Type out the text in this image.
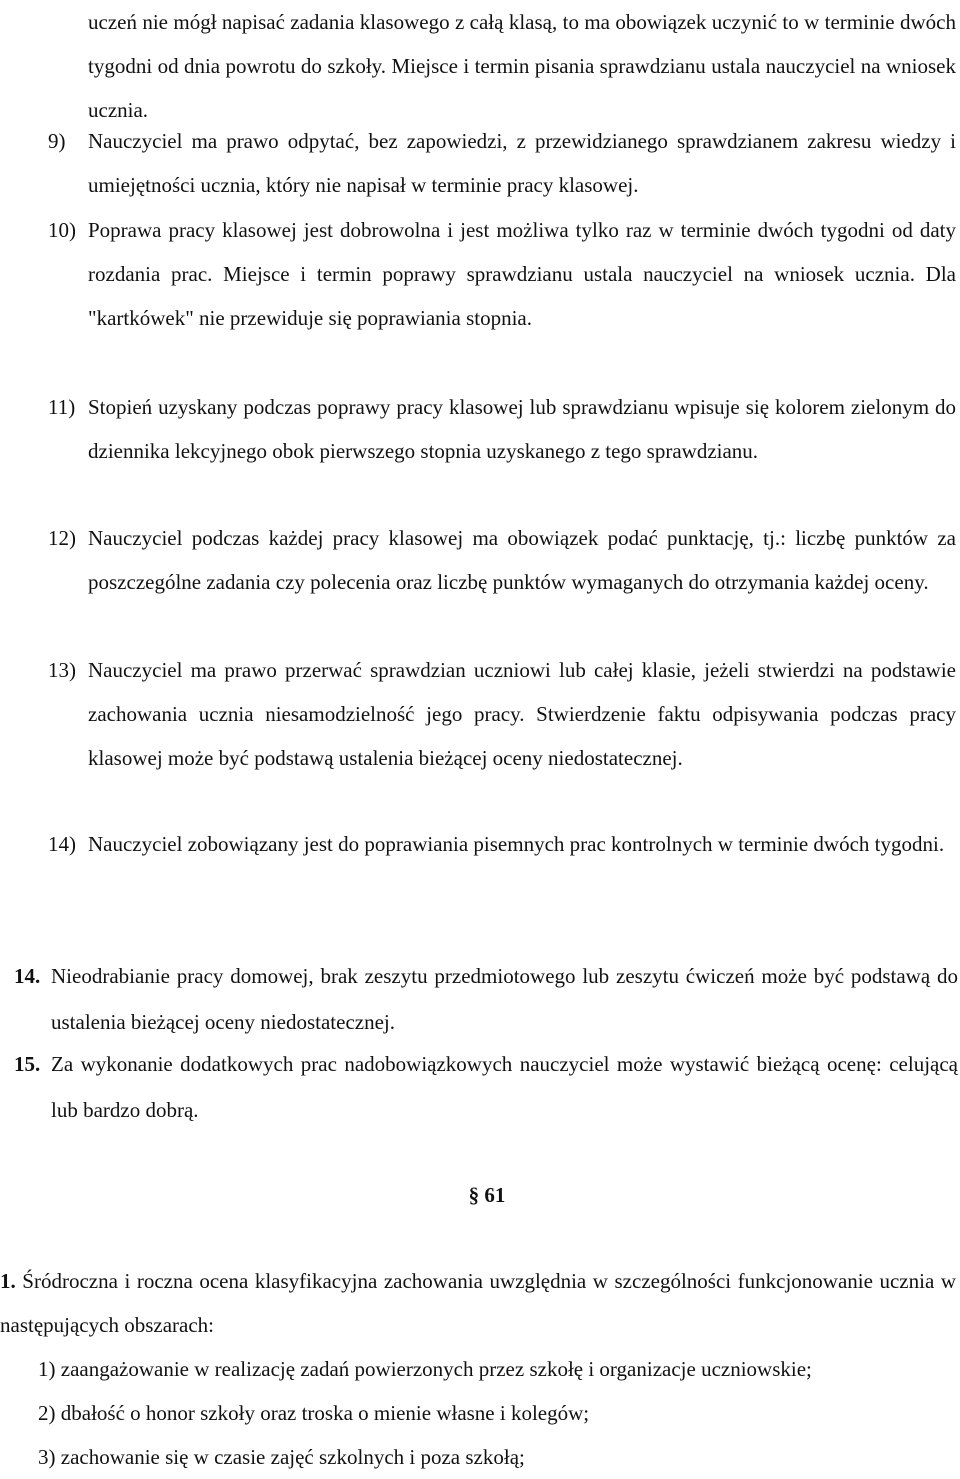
uczeń nie mógł napisać zadania klasowego z całą klasą, to ma obowiązek uczynić to w terminie dwóch tygodni od dnia powrotu do szkoły. Miejsce i termin pisania sprawdzianu ustala nauczyciel na wniosek ucznia.

9)	Nauczyciel ma prawo odpytać, bez zapowiedzi, z przewidzianego sprawdzianem zakresu wiedzy i umiejętności ucznia, który nie napisał w terminie pracy klasowej.
10) Poprawa pracy klasowej jest dobrowolna i jest możliwa tylko raz w terminie dwóch tygodni od daty rozdania prac. Miejsce i termin poprawy sprawdzianu ustala nauczyciel na wniosek ucznia. Dla "kartkówek" nie przewiduje się poprawiania stopnia.
11) Stopień uzyskany podczas poprawy pracy klasowej lub sprawdzianu wpisuje się kolorem zielonym do dziennika lekcyjnego obok pierwszego stopnia uzyskanego z tego sprawdzianu.
12) Nauczyciel podczas każdej pracy klasowej ma obowiązek podać punktację, tj.: liczbę punktów za poszczególne zadania czy polecenia oraz liczbę punktów wymaganych do otrzymania każdej oceny.
13) Nauczyciel ma prawo przerwać sprawdzian uczniowi lub całej klasie, jeżeli stwierdzi na podstawie zachowania ucznia niesamodzielność jego pracy. Stwierdzenie faktu odpisywania podczas pracy klasowej może być podstawą ustalenia bieżącej oceny niedostatecznej.
14) Nauczyciel zobowiązany jest do poprawiania pisemnych prac kontrolnych w terminie dwóch tygodni.
14. Nieodrabianie pracy domowej, brak zeszytu przedmiotowego lub zeszytu ćwiczeń może być podstawą do ustalenia bieżącej oceny niedostatecznej.
15. Za wykonanie dodatkowych prac nadobowiązkowych nauczyciel może wystawić bieżącą ocenę: celującą lub bardzo dobrą.
§ 61

1. Śródroczna i roczna ocena klasyfikacyjna zachowania uwzględnia w szczególności funkcjonowanie ucznia w następujących obszarach:

1) zaangażowanie w realizację zadań powierzonych przez szkołę i organizacje uczniowskie;
2) dbałość o honor szkoły oraz troska o mienie własne i kolegów;
3) zachowanie się w czasie zajęć szkolnych i poza szkołą;
